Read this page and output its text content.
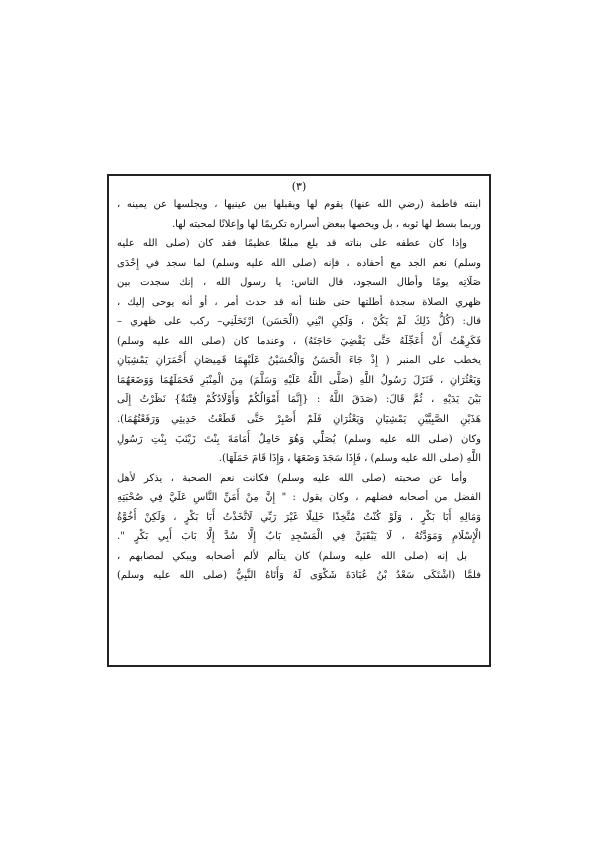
(٣)
ابنته فاطمة (رضي الله عنها) يقوم لها ويقبلها بين عينيها ، ويجلسها عن يمينه ،
وربما بسط لها ثوبه ، بل ويخصها ببعض أسراره تكريمًا لها وإعلانًا لمحبته لها.
وإذا كان عطفه على بناته قد بلغ مبلغًا عظيمًا فقد كان (صلى الله عليه
وسلم) نعم الجد مع أحفاده ، فإنه (صلى الله عليه وسلم) لما سجد في إِحْدَى
صَلَاتِه يومًا وأطال السجود، قال الناس: يا رسول الله ، إنك سجدت بين
ظهري الصلاة سجدة أطلتها حتى ظننا أنه قد حدث أمر ، أو أنه يوحى إليك ،
قال: (كُلُّ ذَلِكَ لَمْ يَكُنْ ، وَلَكِنِ ابْنِي (الْحَسَن) ارْتَحَلَنِي– ركب على ظهري –
فَكَرِهْتُ أَنْ أُعَجِّلَهُ حَتَّى يَقْضِيَ حَاجَتَهُ) ، وعندما كان (صلى الله عليه وسلم)
يخطب على المنبر ( إِذْ جَاءَ الْحَسَنُ وَالْحُسَيْنُ عَلَيْهِمَا قَمِيصَانِ أَحْمَرَانِ يَمْشِيَانِ
وَيَعْثُرَانِ ، فَنَزَلَ رَسُولُ اللَّهِ (صَلَّى اللَّهُ عَلَيْهِ وَسَلَّمَ) مِنَ الْمِنْبَرِ فَحَمَلَهُمَا وَوَضَعَهُمَا
بَيْنَ يَدَيْهِ ، ثُمَّ قَالَ: (صَدَقَ اللَّهُ : {إِنَّمَا أَمْوَالُكُمْ وَأَوْلَادُكُمْ فِتْنَةٌ} نَظَرْتُ إِلَى
هَذَيْنِ الصَّبِيَّيْنِ يَمْشِيَانِ وَيَعْثُرَانِ فَلَمْ أَصْبِرْ حَتَّى قَطَعْتُ حَدِيثِي وَرَفَعْتُهُمَا).
وكان (صلى الله عليه وسلم) يُصَلِّي وَهُوَ حَامِلٌ أُمَامَةَ بِنْتَ زَيْنَبَ بِنْتِ رَسُولِ
اللَّهِ (صلى الله عليه وسلم) ، فَإِذَا سَجَدَ وَضَعَهَا ، وَإِذَا قَامَ حَمَلَهَا).
وأما عن صحبته (صلى الله عليه وسلم) فكانت نعم الصحبة ، يذكر لأهل
الفضل من أصحابه فضلهم ، وكان يقول : " إِنَّ مِنْ أَمَنِّ النَّاسِ عَلَيَّ فِي صُحْبَتِهِ
وَمَالِهِ أَبَا بَكْرٍ ، وَلَوْ كُنْتُ مُتَّخِذًا خَلِيلًا غَيْرَ رَبِّي لَاتَّخَذْتُ أَبَا بَكْرٍ ، وَلَكِنْ أُخُوَّةُ
الْإِسْلَامِ وَمَوَدَّتُهُ ، لَا يَبْقَيَنَّ فِي الْمَسْجِدِ بَابٌ إِلَّا سُدَّ إِلَّا بَابَ أَبِي بَكْرٍ ".
بل إنه (صلى الله عليه وسلم) كان يتألم لألم أصحابه ويبكي لمصابهم ،
فلمَّا (اشْتَكَى سَعْدُ بْنُ عُبَادَةَ شَكْوَى لَهُ وَأَتَاهُ النَّبِيُّ (صلى الله عليه وسلم)
